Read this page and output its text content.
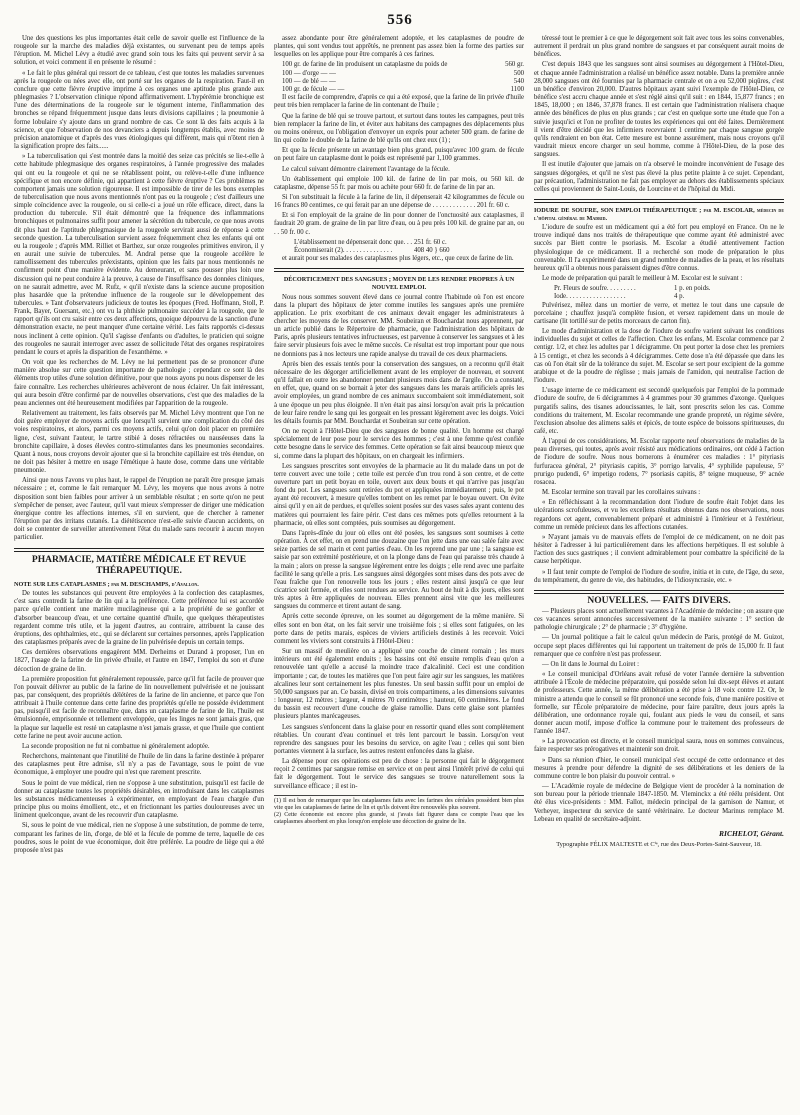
556

Une des questions les plus importantes était celle de savoir quelle est l'influence de la rougeole sur la marche des maladies déjà existantes, ou survenant peu de temps après l'éruption. M. Michel Lévy a étudié avec grand soin tous les faits qui peuvent servir à sa solution, et voici comment il en présente le résumé :

« Le fait le plus général qui ressort de ce tableau, c'est que toutes les maladies survenues après la rougeole ou nées avec elle, ont porté sur les organes de la respiration. Faut-il en conclure que cette fièvre éruptive imprime à ces organes une aptitude plus grande aux phlegmasies ? L'observation clinique répond affirmativement. L'hypérémie bronchique est l'une des déterminations de la rougeole sur le tégument interne, l'inflammation des bronches se répand fréquemment jusque dans leurs divisions capillaires ; la pneumonie à forme lobulaire s'y ajoute dans un grand nombre de cas. Ce sont là des faits acquis à la science, et que l'observation de nos devanciers a depuis longtemps établis, avec moins de précision anatomique et d'après des vues étiologiques qui diffèrent, mais qui n'ôtent rien à la signification propre des faits......

» La tuberculisation qui s'est montrée dans la moitié des seize cas précités se lie-t-elle à cette habitude phlegmasique des organes respiratoires, à l'année progressive des malades qui ont eu la rougeole et qui ne se rétablissent point, ou relève-t-elle d'une influence spécifique et non encore définie, qui appartient à cette fièvre éruptive ? Ces problèmes ne comportent jamais une solution rigoureuse. Il est impossible de tirer de les bons exemples de tuberculisation que nous avons mentionnés n'ont pas eu la rougeole ; c'est d'ailleurs une simple coïncidence avec la rougeole, ou si celle-ci a joué un rôle efficace, direct, dans la production du tubercule. S'il était démontré que la fréquence des inflammations bronchiques et pulmonaires suffit pour amener la sécrétion du tubercule, ce que nous avons dit plus haut de l'aptitude phlegmasique de la rougeole servirait aussi de réponse à cette seconde question. La tuberculisation survient assez fréquemment chez les enfants qui ont eu la rougeole ; d'après MM. Rilliet et Barthez, sur onze rougeoles primitives environ, il y en aurait une suivie de tubercules. M. Andral pense que la rougeole accélère le ramollissement des tubercules préexistants, opinion que les faits par nous mentionnés ne confirment point d'une manière évidente. Au demeurant, et sans pousser plus loin une discussion qui ne peut conduire à la preuve, à cause de l'insuffisance des données cliniques, on ne saurait admettre, avec M. Rufz, « qu'il n'existe dans la science aucune proposition plus hasardée que la prétendue influence de la rougeole sur le développement des tubercules. » Tant d'observateurs judicieux de toutes les époques (Fred. Hoffmann, Stoll, P. Frank, Bayer, Guersant, etc.) ont vu la phthisie pulmonaire succéder à la rougeole, que le rapport qu'ils ont cru saisir entre ces deux affections, quoique dépourvu de la sanction d'une démonstration exacte, ne peut manquer d'une certaine vérité. Les faits rapportés ci-dessus nous inclinent à cette opinion. Qu'il s'agisse d'enfants ou d'adultes, le praticien qui soigne des rougeoles ne saurait interroger avec assez de sollicitude l'état des organes respiratoires pendant le cours et après la disparition de l'exanthème. »

On voit que les recherches de M. Lévy ne lui permettent pas de se prononcer d'une manière absolue sur cette question importante de pathologie ; cependant ce sont là des éléments trop utiles d'une solution définitive, pour que nous ayons pu nous dispenser de les faire connaître. Les recherches ultérieures achèveront de nous éclairer. Un fait intéressant, qui aura besoin d'être confirmé par de nouvelles observations, c'est que des maladies de la peau anciennes ont été heureusement modifiées par l'apparition de la rougeole.

Relativement au traitement, les faits observés par M. Michel Lévy montrent que l'on ne doit guère employer de moyens actifs que lorsqu'il survient une complication du côté des voies respiratoires, et alors, parmi ces moyens actifs, celui qu'on doit placer en première ligne, c'est, suivant l'auteur, le tartre stibié à doses réfractées ou nauséeuses dans la bronchite capillaire, à doses élevées contro-stimulantes dans les pneumonies secondaires. Quant à nous, nous croyons devoir ajouter que si la bronchite capillaire est très étendue, on ne doit pas hésiter à mettre en usage l'émétique à haute dose, comme dans une véritable pneumonie.

Ainsi que nous l'avons vu plus haut, le rappel de l'éruption ne paraît être presque jamais nécessaire ; et, comme le fait remarquer M. Lévy, les moyens que nous avons à notre disposition sont bien faibles pour arriver à un semblable résultat ; en sorte qu'on ne peut s'empêcher de penser, avec l'auteur, qu'il vaut mieux s'empresser de diriger une médication énergique contre les affections internes, s'il en survient, que de chercher à ramener l'éruption par des irritans cutanés. La diététiscence n'est-elle suivie d'aucun accidents, on doit se contenter de surveiller attentivement l'état du malade sans recourir à aucun moyen particulier.

PHARMACIE, MATIÈRE MÉDICALE ET REVUE THÉRAPEUTIQUE.
NOTE SUR LES CATAPLASMES ; par M. DESCHAMPS, d'Avallon.

De toutes les substances qui peuvent être employées à la confection des cataplasmes, c'est sans contredit la farine de lin qui a la préférence. Cette préférence lui est accordée parce qu'elle contient une matière mucilagineuse qui a la propriété de se gonfler et d'absorber beaucoup d'eau, et une certaine quantité d'huile, que quelques thérapeutistes regardent comme très utile, et la jugent d'autres, au contraire, attribuent la cause des éruptions, des ophthalmies, etc., qui se déclarent sur certaines personnes, après l'application des cataplasmes préparés avec de la graine de lin pulvérisée depuis un certain temps.

Ces dernières observations engagèrent MM. Derheims et Durand à proposer, l'un en 1827, l'usage de la farine de lin privée d'huile, et l'autre en 1847, l'emploi du son et d'une décoction de graine de lin.

La première proposition fut généralement repoussée, parce qu'il fut facile de prouver que l'on pouvait délivrer au public de la farine de lin nouvellement pulvérisée et ne jouissant pas, par conséquent, des propriétés délétères de la farine de lin ancienne, et parce que l'on attribuait à l'huile contenue dans cette farine des propriétés qu'elle ne possède évidemment pas, puisqu'il est facile de reconnaître que, dans un cataplasme de farine de lin, l'huile est émulsionnée, emprisonnée et tellement enveloppée, que les linges ne sont jamais gras, que la plaque sur laquelle est resté un cataplasme n'est jamais grasse, et que l'huile que contient cette farine ne peut avoir aucune action.

La seconde proposition ne fut ni combattue ni généralement adoptée.

Recherchons, maintenant que l'inutilité de l'huile de lin dans la farine destinée à préparer des cataplasmes peut être admise, s'il n'y a pas de l'avantage, sous le point de vue économique, à employer une poudre qui n'est que rarement prescrite.

Sous le point de vue médical, rien ne s'oppose à une substitution, puisqu'il est facile de donner au cataplasme toutes les propriétés désirables, en introduisant dans les cataplasmes les substances médicamenteuses à expérimenter, en employant de l'eau chargée d'un principe plus ou moins émollient, etc., et en frictionnant les parties douloureuses avec un liniment quelconque, avant de les recouvrir d'un cataplasme.

Si, sous le point de vue médical, rien ne s'oppose à une substitution, de pomme de terre, comparant les farines de lin, d'orge, de blé et la fécule de pomme de terre, laquelle de ces poudres, sous le point de vue économique, doit être préférée. La poudre de liège qui a été proposée n'est pas

assez abondante pour être généralement adoptée, et les cataplasmes de poudre de plantes, qui sont vendus tout apprêtés, ne prennent pas assez bien la forme des parties sur lesquelles on les applique pour être comparés à ces farines.

100 gr. de farine de lin produisent un cataplasme du poids de	560 gr.
100 — d'orge — —	500
100 — de blé — —	540
100 gr. de fécule — —	1100

Il est facile de comprendre, d'après ce qui a été exposé, que la farine de lin privée d'huile peut très bien remplacer la farine de lin contenant de l'huile ;

Que la farine de blé qui se trouve partout, et surtout dans toutes les campagnes, peut très bien remplacer la farine de lin, et éviter aux habitans des campagnes des déplacements plus ou moins onéreux, ou l'obligation d'envoyer un exprès pour acheter 500 gram. de farine de lin qui coûte le double de la farine de blé qu'ils ont chez eux (1) ;

Et que la fécule présente un avantage bien plus grand, puisqu'avec 100 gram. de fécule on peut faire un cataplasme dont le poids est représenté par 1,100 grammes.

Le calcul suivant démontre clairement l'avantage de la fécule.

Un établissement qui emploie 100 kil. de farine de lin par mois, ou 560 kil. de cataplasme, dépense 55 fr. par mois ou achète pour 660 fr. de farine de lin par an.

Si l'on substituait la fécule à la farine de lin, il dépenserait 42 kilogrammes de fécule ou 16 francs 80 centimes, ce qui ferait par an une dépense de . . . . . . . . . . . . . 201 fr. 60 c.

Et si l'on employait de la graine de lin pour donner de l'onctuosité aux cataplasmes, il faudrait 20 gram. de graine de lin par litre d'eau, ou à peu près 100 kil. de graine par an, ou . . 50 fr. 00 c.

L'établissement ne dépenserait donc que. . . 251 fr. 60 c.
Économiserait (2). . . . . . . . . . . . . . .	408 40 } 660

et aurait pour ses malades des cataplasmes plus légers, etc., que ceux de farine de lin.

DÉCORTICEMENT DES SANGSUES ; MOYEN DE LES RENDRE PROPRES À UN NOUVEL EMPLOI.

Nous nous sommes souvent élevé dans ce journal contre l'habitude où l'on est encore dans la plupart des hôpitaux de jeter comme inutiles les sangsues après une première application. Le prix exorbitant de ces animaux devait engager les administrateurs à chercher les moyens de les conserver. MM. Soubeiran et Bouchardat nous apprennent, par un article publié dans le Répertoire de pharmacie, que l'administration des hôpitaux de Paris, après plusieurs tentatives infructueuses, est parvenue à conserver les sangsues et à les faire servir plusieurs fois avec le même succès. Ce résultat est trop important pour que nous ne donnions pas à nos lecteurs une rapide analyse du travail de ces deux pharmaciens.

Après bien des essais tentés pour la conservation des sangsues, on a reconnu qu'il était nécessaire de les dégorger artificiellement avant de les employer de nouveau, et souvent qu'il fallait en outre les abandonner pendant plusieurs mois dans de l'argile. On a constaté, en effet, que, quand on se bornait à jeter des sangsues dans les marais artificiels après les avoir employées, un grand nombre de ces animaux succombaient soit immédiatement, soit à une époque un peu plus éloignée. Il n'en était pas ainsi lorsqu'on avait pris la précaution de leur faire rendre le sang qui les gorgeait en les pressant légèrement avec les doigts. Voici les détails fournis par MM. Bouchardat et Soubeiran sur cette opération.

On ne reçoit à l'Hôtel-Dieu que des sangsues de bonne qualité. Un homme est chargé spécialement de leur pose pour le service des hommes ; c'est à une femme qu'est confiée cette besogne dans le service des femmes. Cette opération se fait ainsi beaucoup mieux que si, comme dans la plupart des hôpitaux, on en chargeait les infirmiers.

Les sangsues prescrites sont envoyées de la pharmacie au lit du malade dans un pot de terre couvert avec une toile ; cette toile est percée d'un trou rond à son centre, et de cette ouverture part un petit boyau en toile, ouvert aux deux bouts et qui n'arrive pas jusqu'au fond du pot. Les sangsues sont retirées du pot et appliquées immédiatement ; puis, le pot ayant été recouvert, à mesure qu'elles tombent on les remet par le boyau ouvert. On évite ainsi qu'il y en ait de perdues, et qu'elles soient posées sur des vases sales ayant contenu des matières qui pourraient les faire périr. C'est dans ces mêmes pots qu'elles retournent à la pharmacie, où elles sont comptées, puis soumises au dégorgement.

Dans l'après-dînée du jour où elles ont été posées, les sangsues sont soumises à cette opération. À cet effet, on en prend une douzaine que l'on jette dans une eau salée faite avec seize parties de sel marin et cent parties d'eau. On les reprend une par une ; la sangsue est saisie par son extrémité postérieure, et on la plonge dans de l'eau qui paraisse très chaude à la main ; alors on presse la sangsue légèrement entre les doigts ; elle rend avec une parfaite facilité le sang qu'elle a pris. Les sangsues ainsi dégorgées sont mises dans des pots avec de l'eau fraîche que l'on renouvelle tous les jours ; elles restent ainsi jusqu'à ce que leur cicatrice soit fermée, et elles sont rendues au service. Au bout de huit à dix jours, elles sont très aptes à être appliquées de nouveau. Elles prennent ainsi vite que les meilleures sangsues du commerce et tirent autant de sang.

Après cette seconde épreuve, on les soumet au dégorgement de la même manière. Si elles sont en bon état, on les fait servir une troisième fois ; si elles sont fatiguées, on les porte dans de petits marais, espèces de viviers artificiels destinés à les recevoir. Voici comment les viviers sont construits à l'Hôtel-Dieu :

Sur un massif de meulière on a appliqué une couche de ciment romain ; les murs intérieurs ont été également enduits ; les bassins ont été ensuite remplis d'eau qu'on a renouvelée tant qu'elle a accusé la moindre trace d'alcalinité. Ceci est une condition importante ; car, de toutes les matières que l'on peut faire agir sur les sangsues, les matières alcalines leur sont certainement les plus funestes. Un seul bassin suffit pour un emploi de 50,000 sangsues par an. Ce bassin, divisé en trois compartimens, a les dimensions suivantes : longueur, 12 mètres ; largeur, 4 mètres 70 centimètres ; hauteur, 60 centimètres. Le fond du bassin est recouvert d'une couche de glaise ramollie. Dans cette glaise sont plantées plusieurs plantes marécageuses.

Les sangsues s'enfoncent dans la glaise pour en ressortir quand elles sont complètement rétablies. Un courant d'eau continuel et très lent parcourt le bassin. Lorsqu'on veut reprendre des sangsues pour les besoins du service, on agite l'eau ; celles qui sont bien portantes viennent à la surface, les autres restent enfoncées dans la glaise.

La dépense pour ces opérations est peu de chose : la personne qui fait le dégorgement reçoit 2 centimes par sangsue remise en service et on peut ainsi l'intérêt privé de celui qui fait le dégorgement. Tout le service des sangsues se trouve naturellement sous la surveillance efficace ; il est in-

(1) Il est bon de remarquer que les cataplasmes faits avec les farines des céréales possèdent bien plus vite que les cataplasmes de farine de lin et qu'ils doivent être renouvelés plus souvent.
(2) Cette économie est encore plus grande, si j'avais fait figurer dans ce compte l'eau que les cataplasmes absorbent en plus lorsqu'on emploie une décoction de graine de lin.

téressé tout le premier à ce que le dégorgement soit fait avec tous les soins convenables, autrement il perdrait un plus grand nombre de sangsues et par conséquent aurait moins de bénéfices.

C'est depuis 1843 que les sangsues sont ainsi soumises au dégorgement à l'Hôtel-Dieu, et chaque année l'administration a réalisé un bénéfice assez notable. Dans la première année 28,000 sangsues ont été fournies par la pharmacie centrale et on a eu 52,000 piqûres, c'est un bénéfice d'environ 20,000. D'autres hôpitaux ayant suivi l'exemple de l'Hôtel-Dieu, ce bénéfice s'est accru chaque année et s'est réglé ainsi qu'il suit : en 1844, 15,877 francs ; en 1845, 18,000 ; en 1846, 37,878 francs. Il est certain que l'administration réalisera chaque année des bénéfices de plus en plus grands ; car c'est en quelque sorte une étude que l'on a suivie jusqu'ici et l'on ne profiter de toutes les expériences qui ont été faites. Dernièrement il vient d'être décidé que les infirmiers recevraient 1 centime par chaque sangsue gorgée qu'ils rendraient en bon état. Cette mesure est bonne assurément, mais nous croyons qu'il vaudrait mieux encore charger un seul homme, comme à l'Hôtel-Dieu, de la pose des sangsues.

Il est inutile d'ajouter que jamais on n'a observé le moindre inconvénient de l'usage des sangsues dégorgées, et qu'il ne s'est pas élevé la plus petite plainte à ce sujet. Cependant, par précaution, l'administration ne fait pas employer au dehors des établissements spéciaux celles qui proviennent de Saint-Louis, de Lourcine et de l'hôpital du Midi.

IODURE DE SOUFRE, SON EMPLOI THÉRAPEUTIQUE ; par M. ESCOLAR, médecin de l'hôpital général de Madrid.

L'iodure de soufre est un médicament qui a été fort peu employé en France. On ne le trouve indiqué dans nos traités de thérapeutique que comme ayant été administré avec succès par Biett contre le psoriasis. M. Escolar a étudié attentivement l'action physiologique de ce médicament. Il a recherché son mode de préparation le plus convenable. Il l'a expérimenté dans un grand nombre de maladies de la peau, et les résultats heureux qu'il a obtenus nous paraissent dignes d'être connus.

Le mode de préparation qui paraît le meilleur à M. Escolar est le suivant :

Pr. Fleurs de soufre. . . . . . . . .	1 p. en poids.
Iode. . . . . . . . . . . . . . . . . .	4 p.

Pulvérisez, mêlez dans un mortier de verre, et mettez le tout dans une capsule de porcelaine ; chauffez jusqu'à complète fusion, et versez rapidement dans un moule de cartisane (lit tortillé sur de petits morceaux de carton fin).

Le mode d'administration et la dose de l'iodure de soufre varient suivant les conditions individuelles du sujet et celles de l'affection. Chez les enfans, M. Escolar commence par 2 centigr. 1/2, et chez les adultes par 1 décigramme. On peut porter la dose chez les premiers à 15 centigr., et chez les seconds à 4 décigrammes. Cette dose n'a été dépassée que dans les cas où l'on était sûr de la tolérance du sujet. M. Escolar se sert pour excipient de la gomme arabique et de la poudre de réglisse ; mais jamais de l'amidon, qui neutralise l'action de l'iodure.

L'usage interne de ce médicament est secondé quelquefois par l'emploi de la pommade d'iodure de soufre, de 6 décigrammes à 4 grammes pour 30 grammes d'axonge. Quelques purgatifs salins, des tisanes adoucissantes, le lait, sont prescrits selon les cas. Comme conditions du traitement, M. Escolar recommande une grande propreté, un régime sévère, l'exclusion absolue des alimens salés et épicés, de toute espèce de boissons spiritueuses, du café, etc.

À l'appui de ces considérations, M. Escolar rapporte neuf observations de maladies de la peau diverses, qui toutes, après avoir résisté aux médications ordinaires, ont cédé à l'action de l'iodure de soufre. Nous nous bornerons à énumérer ces maladies : 1° pityriasis furfuracea général, 2° pityriasis capitis, 3° porrigo larvalis, 4° syphilide papuleuse, 5° prurigo pudendi, 6° impetigo rodens, 7° psoriasis capitis, 8° teigne muqueuse, 9° acnée rosacea.

M. Escolar termine son travail par les corollaires suivans :

« En réfléchissant à la recommandation dont l'iodure de soufre était l'objet dans les ulcérations scrofuleuses, et vu les excellens résultats obtenus dans nos observations, nous regardons cet agent, convenablement préparé et administré à l'intérieur et à l'extérieur, comme un remède précieux dans les affections cutanées.

» N'ayant jamais vu de mauvais effets de l'emploi de ce médicament, on ne doit pas hésiter à l'adresser à lui particulièrement dans les affections herpétiques. Il est soluble à l'action des sucs gastriques ; il convient admirablement pour combattre la spécificité de la cause herpétique.

» Il faut tenir compte de l'emploi de l'iodure de soufre, initia et in cute, de l'âge, du sexe, du tempérament, du genre de vie, des habitudes, de l'idiosyncrasie, etc. »

NOUVELLES. — FAITS DIVERS.

— Plusieurs places sont actuellement vacantes à l'Académie de médecine ; on assure que ces vacances seront annoncées successivement de la manière suivante : 1° section de pathologie chirurgicale ; 2° de pharmacie ; 3° d'hygiène.

— Un journal politique a fait le calcul qu'un médecin de Paris, protégé de M. Guizot, occupe sept places différentes qui lui rapportent un traitement de près de 15,000 fr. Il faut remarquer que ce confrère n'est pas professeur.

— On lit dans le Journal du Loiret :

« Le conseil municipal d'Orléans avait refusé de voter l'année dernière la subvention attribuée à l'École de médecine préparatoire, qui possède selon lui dix-sept élèves et autant de professeurs. Cette année, la même délibération a été prise à 18 voix contre 12. Or, le ministre a attendu que le conseil se fût prononcé une seconde fois, d'une manière positive et formelle, sur l'École préparatoire de médecine, pour faire paraître, deux jours après la délibération, une ordonnance royale qui, foulant aux pieds le vœu du conseil, et sans donner aucun motif, impose d'office la commune pour le traitement des professeurs de l'année 1847.

» La provocation est directe, et le conseil municipal saura, nous en sommes convaincus, faire respecter ses prérogatives et maintenir son droit.

» Dans sa réunion d'hier, le conseil municipal s'est occupé de cette ordonnance et des mesures à prendre pour défendre la dignité de ses délibérations et les deniers de la commune contre le bon plaisir du pouvoir central. »

— L'Académie royale de médecine de Belgique vient de procéder à la nomination de son bureau pour la période triennale 1847-1850. M. Vleminckx a été réélu président. Ont été élus vice-présidents : MM. Fallot, médecin principal de la garnison de Namur, et Verheyer, inspecteur du service de santé vétérinaire. Le docteur Marinus remplace M. Lebeau en qualité de secrétaire-adjoint.

RICHELOT, Gérant.
Typographie FÉLIX MALTESTE et Cⁱᵉ, rue des Deux-Portes-Saint-Sauveur, 18.
